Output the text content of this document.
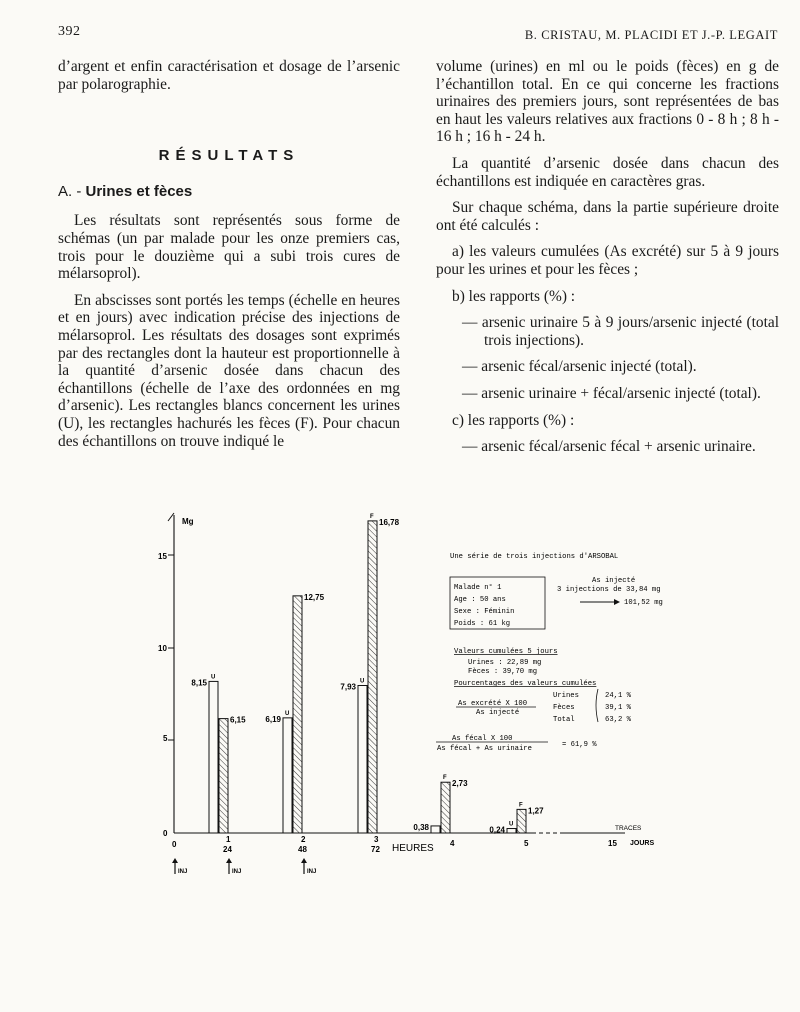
392	B. CRISTAU, M. PLACIDI ET J.-P. LEGAIT

d’argent et enfin caractérisation et dosage de l’arsenic par polarographie.

RÉSULTATS

A. - Urines et fèces

Les résultats sont représentés sous forme de schémas (un par malade pour les onze premiers cas, trois pour le douzième qui a subi trois cures de mélarsoprol).

En abscisses sont portés les temps (échelle en heures et en jours) avec indication précise des injections de mélarsoprol. Les résultats des dosages sont exprimés par des rectangles dont la hauteur est proportionnelle à la quantité d’arsenic dosée dans chacun des échantillons (échelle de l’axe des ordonnées en mg d’arsenic). Les rectangles blancs concernent les urines (U), les rectangles hachurés les fèces (F). Pour chacun des échantillons on trouve indiqué le

volume (urines) en ml ou le poids (fèces) en g de l’échantillon total. En ce qui concerne les fractions urinaires des premiers jours, sont représentées de bas en haut les valeurs relatives aux fractions 0 - 8 h ; 8 h - 16 h ; 16 h - 24 h.

La quantité d’arsenic dosée dans chacun des échantillons est indiquée en caractères gras.

Sur chaque schéma, dans la partie supérieure droite ont été calculés :

a) les valeurs cumulées (As excrété) sur 5 à 9 jours pour les urines et pour les fèces ;

b) les rapports (%) :

— arsenic urinaire 5 à 9 jours/arsenic injecté (total trois injections).

— arsenic fécal/arsenic injecté (total).

— arsenic urinaire + fécal/arsenic injecté (total).

c) les rapports (%) :

— arsenic fécal/arsenic fécal + arsenic urinaire.

Mg
15
10
5
0
0
1
24
2
48
3
72 HEURES 4	5	15 JOURS
TRACES
INJ	INJ	INJ
8,15
U
6,15 6,19
U
12,75
7,93
U
16,78
F
0,38
2,73
F
0,24
U
1,27
F
Une série de trois injections d'ARSOBAL
Malade n° 1
Age : 50 ans
Sexe : Féminin
Poids : 61 kg
As injecté
3 injections de 33,84 mg
101,52 mg
Valeurs cumulées 5 jours
Urines : 22,89 mg
Fèces : 39,70 mg
Pourcentages des valeurs cumulées
As excrété X 100
As injecté
Urines	24,1 %
Fèces	39,1 %
Total	63,2 %
As fécal X 100
As fécal + As urinaire	= 61,9 %
